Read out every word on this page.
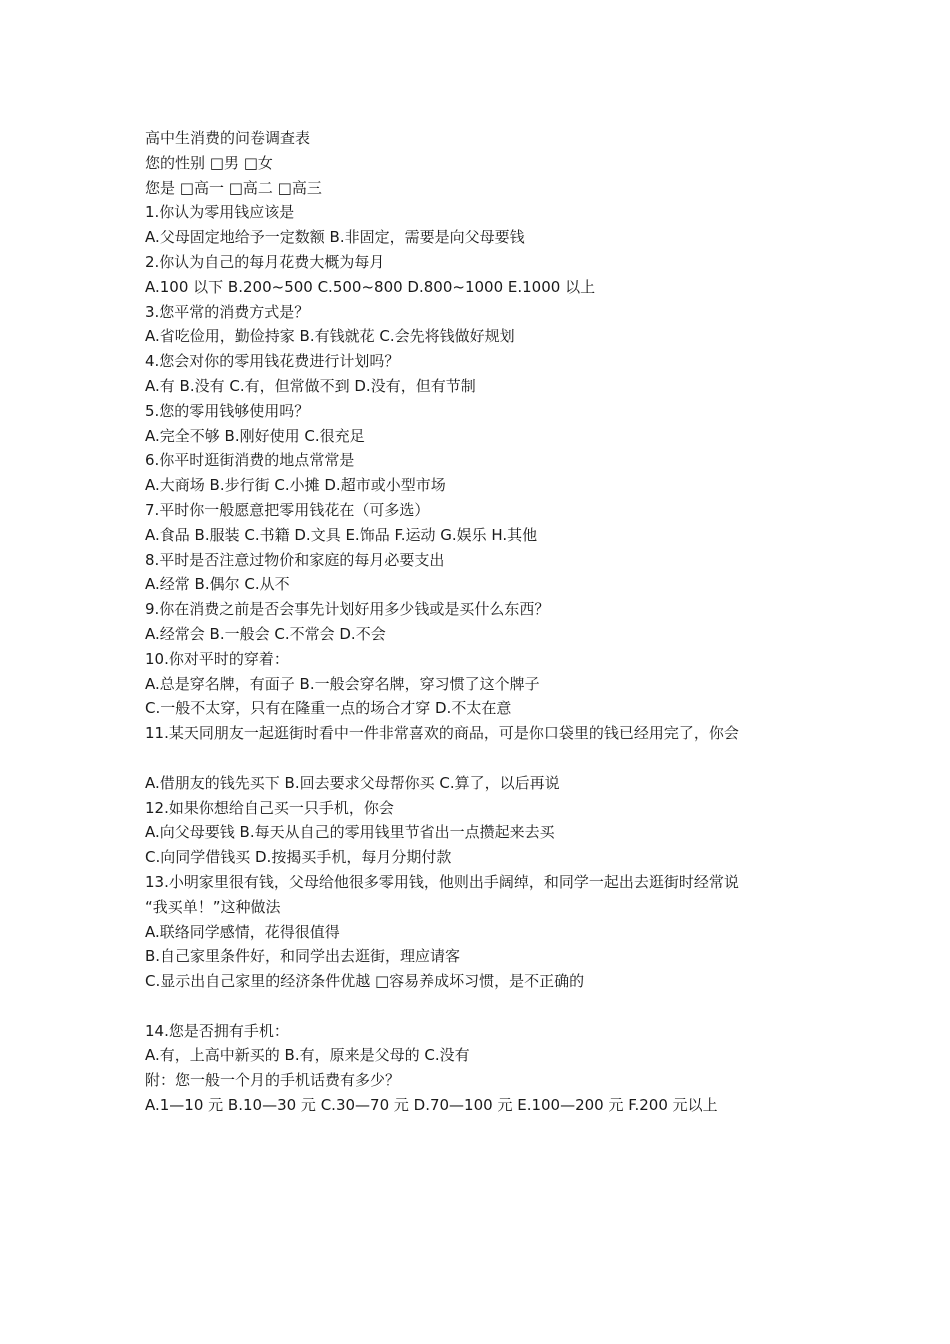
高中生消费的问卷调查表
您的性别 □男 □女
您是 □高一 □高二 □高三
1.你认为零用钱应该是
A.父母固定地给予一定数额 B.非固定，需要是向父母要钱
2.你认为自己的每月花费大概为每月
A.100 以下 B.200~500 C.500~800 D.800~1000 E.1000 以上
3.您平常的消费方式是？
A.省吃俭用，勤俭持家 B.有钱就花 C.会先将钱做好规划
4.您会对你的零用钱花费进行计划吗？
A.有 B.没有 C.有，但常做不到 D.没有，但有节制
5.您的零用钱够使用吗？
A.完全不够 B.刚好使用 C.很充足
6.你平时逛街消费的地点常常是
A.大商场 B.步行街 C.小摊 D.超市或小型市场
7.平时你一般愿意把零用钱花在（可多选）
A.食品 B.服装 C.书籍 D.文具 E.饰品 F.运动 G.娱乐 H.其他
8.平时是否注意过物价和家庭的每月必要支出
A.经常 B.偶尔 C.从不
9.你在消费之前是否会事先计划好用多少钱或是买什么东西？
A.经常会 B.一般会 C.不常会 D.不会
10.你对平时的穿着：
A.总是穿名牌，有面子 B.一般会穿名牌，穿习惯了这个牌子
C.一般不太穿，只有在隆重一点的场合才穿 D.不太在意
11.某天同朋友一起逛街时看中一件非常喜欢的商品，可是你口袋里的钱已经用完了，你会
A.借朋友的钱先买下 B.回去要求父母帮你买 C.算了，以后再说
12.如果你想给自己买一只手机，你会
A.向父母要钱 B.每天从自己的零用钱里节省出一点攒起来去买
C.向同学借钱买 D.按揭买手机，每月分期付款
13.小明家里很有钱，父母给他很多零用钱，他则出手阔绰，和同学一起出去逛街时经常说
“我买单！”这种做法
A.联络同学感情，花得很值得
B.自己家里条件好，和同学出去逛街，理应请客
C.显示出自己家里的经济条件优越 □容易养成坏习惯，是不正确的
14.您是否拥有手机：
A.有，上高中新买的 B.有，原来是父母的 C.没有
附：您一般一个月的手机话费有多少？
A.1—10 元 B.10—30 元 C.30—70 元 D.70—100 元 E.100—200 元 F.200 元以上
